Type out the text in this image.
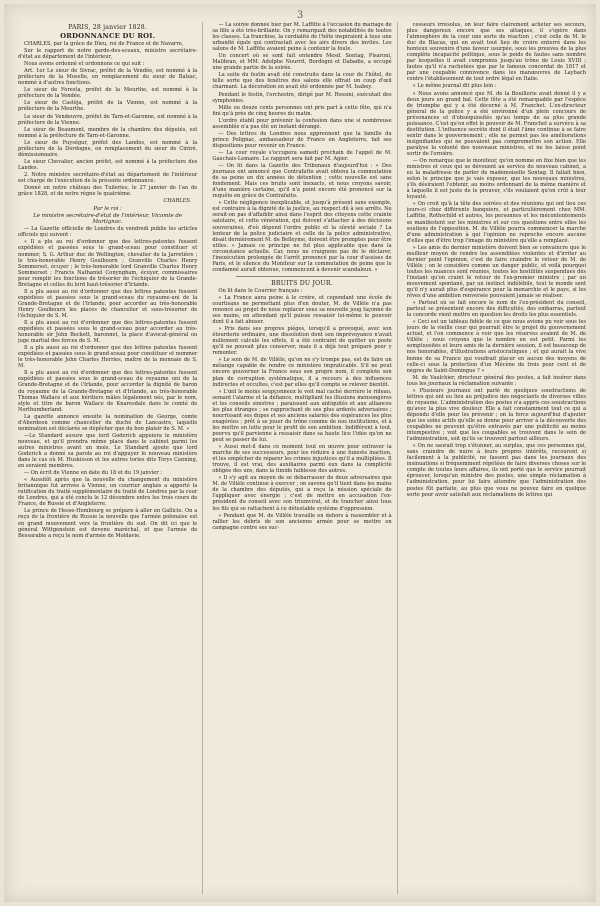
3
PARIS, 28 janvier 1828.
ORDONNANCE DU ROI.

CHARLES, par la grâce de Dieu, roi de France et de Navarre,

Sur le rapport de notre garde-des-sceaux, ministre secrétaire-d'état au département de l'intérieur,

Nous avons ordonné et ordonnons ce qui suit :

Art. 1er Le sieur de Sivrac, préfet de la Vendée, est nommé à la préfecture de la Moselle, en remplacement du sieur de Balzac, nommé à d'autres fonctions.

Le sieur de Foresta, préfet de la Meurthe, est nommé à la préfecture de la Vendée.

Le sieur de Castéja, préfet de la Vienne, est nommé à la préfecture de la Meurthe.

Le sieur de Vendeuvre, préfet de Tarn-et-Garonne, est nommé à la préfecture de la Vienne.

Le sieur de Beaumont, membre de la chambre des députés, est nommé à la préfecture de Tarn-et-Garonne.

Le sieur de Puységur, préfet des Landes, est nommé à la préfecture de la Dordogne, en remplacement du sieur de Cintré, démissionnaire.

Le sieur Chevalier, ancien préfet, est nommé à la préfecture des Landes.

2. Notre ministre secrétaire-d'état au département de l'intérieur est chargé de l'exécution de la présente ordonnance.

Donné en notre château des Tuileries, le 27 janvier de l'an de grâce 1828, et de notre règne le quatrième.

CHARLES.
Par le roi :
Le ministre secrétaire-d'état de l'intérieur, Vicomte de Martignac.

— La Gazette officielle de Londres du vendredi publie les articles officiels qui suivent :

« Il a plu au roi d'ordonner que des lettres-patentes fussent expédiées et passées sous le grand-sceau pour constituer et nommer, S. G. Arthur duc de Wellington, chevalier de la Jarretière ; le très-honorable Henry Goulbourn ; Granville Charles Henry Sommerset, écuyer ; le très-honorable lord Granville Charles Henry Sommerset ; Francis Nathaniel Conyngham, écuyer, commissaires pour remplir les fonctions de trésorier de l'échiquier de la Grande-Bretagne et celles du lord haut-trésorier d'Irlande.

Il a plu aussi au roi d'ordonner que des lettres patentes fussent expédiées et passées sous le grand-sceau du royaume-uni de la Grande-Bretagne et de l'Irlande, pour accorder au très-honorable Henry Goulbourn les places de chancelier et sous-trésorier de l'échiquier de S. M.

Il a plu aussi au roi d'ordonner que des lettres-patentes fussent expédiées et passées sous le grand-sceau pour accorder au très-honorable sir John Beckett, baronnet, la place d'avocat-général ou juge martial des forces de S. M.

Il a plu aussi au roi d'ordonner que des lettres patentes fussent expédiées et passées sous le grand-sceau pour constituer et nommer le très-honorable John Charles Herries, maître de la monnaie de S. M.

Il a plu aussi au roi d'ordonner que des lettres-patentes fussent expédiées et passées sous le grand-sceau du royaume uni de la Grande-Bretagne et de l'Irlande, pour accorder la dignité de baron du royaume de la Grande-Bretagne et d'Irlande, au très-honorable Thomas Wallace et aux héritiers mâles légalement nés, par le nom, style et titre de baron Wallace de Knaresdale dans le comté de Northumberland.

La gazette annonce ensuite la nomination de George, comte d'Aberdeen comme chancelier du duché de Lancastre, laquelle nomination est déclarée se dépêcher que du bon plaisir de S. M. »

—Le Standard assure que lord Goderich appuiera le ministère nouveau, et qu'il prendra même place dans le cabinet parmi les autres ministres avant un mois. Le Standard ajoute que lord Goderich a donné sa parole au roi d'appuyer le nouveau ministère dans le cas où M. Huskisson et les autres tories dits Torys Canning, en seraient membres.

— On écrit de Vienne en date du 18 et du 19 janvier :

« Aussitôt après que la nouvelle du changement du ministère britannique fut arrivée à Vienne, un courrier anglais a apporté la ratification du traité supplémentaire du traité de Londres par la cour de Londres, qui a été conclu le 12 décembre entre les trois cours de France, de Russie et d'Angleterre.

Le prince de Hesse-Hombourg se prépare à aller en Gallicie. On a reçu de la frontière de Russie la nouvelle que l'armée polonaise est en grand mouvement vers la frontière du sud. On dit ici que le général Wittgenstein est devenu maréchal, et que l'armée de Bessarabie a reçu le nom d'armée de Moldavie.

— La soirée donnée hier par M. Laffitte à l'occasion du mariage de sa fille a été très-brillante. On y remarquait des notabilités de toutes les classes. La franchise, la cordialité de l'hôte inspiraient à tous une urbanité égale qui contrastait avec les airs divers des invités. Les salons de M. Laffitte avaient peine à contenir la foule.

Un concert où se sont fait entendre Mesd. Sontag, Pisaroni, Malibran, et MM. Adolphe Nourrit, Bordogni et Dabadie, a occupé une grande partie de la soirée.

La suite du festin avait été construite dans la cour de l'hôtel, de telle sorte que des fenêtres des salons elle offrait un coup d'œil charmant. La décoration en avait été ordonnée par M. Isabey.

Pendant le festin, l'orchestre, dirigé par M. Rossini, exécutait des symphonies.

Mille ou douze cents personnes ont pris part à cette fête, qui n'a fini qu'à près de cinq heures du matin.

L'ordre établi pour prévenir la confusion dans une si nombreuse assemblée n'a pas été un instant dérangé.

— Des lettres de Londres nous apprennent que la famille du prince Polignac, ambassadeur de France en Angleterre, fait ses dispositions pour revenir en France.

— La cour royale s'occupera samedi prochain de l'appel de M. Gauchais-Lemaire. Le rapport sera fait par M. Agier.

— On lit dans la Gazette des Tribunaux d'aujourd'hui : « Des journaux ont annoncé que Contrafatto avait obtenu la commutation de sa peine en dix années de détention ; cette nouvelle est sans fondement. Mais ces bruits sont inexacts, et nous croyons savoir, d'une manière certaine, qu'il n'a point encore été prononcé sur la requête en grâce de Contrafatto.

« Cette négligence inexplicable, et jusqu'à présent sans exemple, est contraire à la dignité de la justice, au respect dû à ses arrêts. Ne serait-on pas d'affaiblir ainsi dans l'esprit des citoyens cette crainte salutaire, et cette vénération, qui doivent s'attacher à des décisions souveraines, d'où dépend l'ordre public et la sûreté sociale ? La lenteur de la police judiciaire et celle de la police administrative, disait dernièrement M. de Belleyme, doivent être promptes pour être utiles. » Jamais ce principe ne fut plus applicable que dans la circonstance actuelle. Car, nous ne craignons pas de le déclarer, l'inexécution prolongée de l'arrêt prononcé par la cour d'assises de Paris, et le silence du Moniteur sur la commutation de peine que le condamné aurait obtenue, commencent à devenir scandaleux. »

BRUITS DU JOUR.

On lit dans le Courrier français :

« La France aura peine à le croire, et cependant une école de courtisans ne permettant plus d'en douter, M. de Villèle n'a pas renoncé au projet de nous replacer sous sa nouvelle joug façonné de ses mains, en attendant qu'il puisse ressaisir lui-même le pouvoir dont il a fait abuser.

» Pris dans ses propres piéges, lorsqu'il a provoqué, avec son étourderie ordinaire, une dissolution dont son imprévoyance n'avait nullement calculé les effets, il a été contraint de quitter un poste qu'il ne pouvait plus conserver, mais il a déjà tout préparé pour y remonter.

» Le soin de M. de Villèle, qu'on ne s'y trompe pas, est de faire un mélange capable de rendre ce ministère impraticable. S'il ne peut encore gouverner la France sous son propre nom, il complote son plan de corruption systématique, il a recours à des influences indirectes et occultes, c'est par elles qu'il compte se relever bientôt.

» L'œil le moins soupçonneux le voit mal caché derrière le rideau, semant l'alarme et la défiance, multipliant les illusions mensongères et les conseils sinistres ; paraissant aux antiquités et aux alliances les plus étranges ; se rapprochant de ses plus ardents adversaires ; nourrissant ses dupes et ses anciens salariés des espérances les plus exagérées ; prêt à se jouer du trône comme de nos institutions, et à les mettre en lutte pour le profit de son ambition. Indifférent à tout, pourvu qu'il parvienne à ressaisir dans sa haute lice l'idée qu'on ne peut se passer de lui.

» Aussi met-il dans ce moment tout en œuvre pour entraver la marche de ses successeurs, pour les réduire à une funeste inaction, et les empêcher de réparer les crimes injustices qu'il a multipliées. Il trouve, il est vrai, des auxiliaires parmi eux dans la complicité obligée des uns, dans la timide faiblesse des autres.

» Il s'y agit au moyen de se débarrasser de deux adversaires que M. de Villèle continue à exercer ; on savons qu'il tient dans les mains de la chambre des députés, qui a reçu la mission spéciale de l'appliquer avec énergie ; c'est de mettre en accusation l'ex-président du conseil avec son triumvirat, et de trancher ainsi tous les fils qui se rattachent à ce détestable système d'oppression.

» Pendant que M. de Villèle travaille en dehors à rassembler et à rallier les débris de son ancienne armée pour se mettre en campagne contre ses suc-

cesseurs irrésolus, on leur faire clairement acheter ses secours, plus dangereux encore que ses attaques, il s'opère dans l'atmosphère de la cour une sorte de réaction ; c'est celle de M. le duc de Blacas, qui en avait tout lieu de croire enterré dans les honteux souvenirs d'une faveur usurpée, sous les preuves de la plus complète incapacité politique, sous le poids de fautes sans nombre par lesquelles il avait compromis jusqu'au trône de Louis XVIII ; fautes qu'il n'a rachetées que par le fameux concordat de 1817 et par une coupable connivence dans les manœuvres de Laybach contre l'établissement de tout ordre légal en Italie.

» Le même journal dit plus loin :

« Nous avons annoncé que M. de la Bouillerie avait donné il y a deux jours un grand bal. Cette fête a été remarquable par l'espèce de triomphe qui y a été décerné à M. Franchet. L'ex-directeur général de la police y a été environné d'un plein concours de prévenances et d'obséquiosités qu'au temps de sa plus grande puissance. C'est qu'on effet le pouvoir de M. Franchet a survécu à sa destitution. L'influence secrète dont il était l'âme continue à se faire sentir dans le gouvernement ; elle ne permet pas les améliorations insignifiantes qui ne pouvaient pas compromettre son action. Elle paralyse la volonté des nouveaux ministres, et ne les laisse point sortir de l'ornière.

— On remarque que le moniteur, qu'on nomme en fixe bien que les ministres et ceux qui se dévouent au service du nouveau cabinet, a eu la maladresse de parler de mademoiselle Sontag. Il fallait bien, selon le principe que je vais exposer, que les nouveaux ministres, s'ils désiraient l'obtenir, au moins ordonnant de la même manière et à laquelle il est juste de le prouver, s'ils voulaient qu'on crût à leur loyauté.

» On croit qu'à la tête des soirées et des réunions qui ont lieu ces jours-ci chez différents banquiers, et particulièrement chez MM. Laffitte, Rothschild et autres, les personnes et les mécontentements se manifestent sur les ministres et sur ces questions entre elles les soutiens de l'opposition. M. de Villèle pourra commencer la marche d'une administration à qui l'opinion ne reproche encore aucune d'elles que d'être trop l'image du ministère qu'elle a remplacé.

» Les amis du dernier ministère doivent bien se convaincre que le meilleur moyen de rendre les assemblées violentes et d'irriter au dernier point l'opinion, c'est de faire craindre le retour de M. de Villèle ; on le considère comme un danger public, et voilà pourquoi toutes les nuances sont réunies, toutes les hostilités suspendues dès l'instant qu'on craint le retour de l'ex-premier ministre ; par un mouvement spontané, par un instinct indélébile, tout le monde sent qu'il n'y aurait plus d'espérance pour la monarchie et le pays, si les rêves d'une ambition renversée pouvaient jamais se réaliser.

» Partout où se fait encore le nom de l'ex-président du conseil, partout se présentent encore des difficultés, des embarras, partout la concorde vient mettre en question les droits les plus essentiels.

» Ceci est un tableau fidèle de ce que nous avions pu voir sous les jours de la vieille cour qui pourrait être le projet du gouvernement actuel, et l'on commence à voir que les réserves avaient de M. de Villèle ; nous croyons que le nombre en est petit. Parmi les somptuosités et leurs amis de la dernière session, il est beaucoup de nos honorables, d'illustrations aristocratiques ; et qui aurait la vive bonne de sa France qui voudrait placer en aucun des moyens de celle-ci sous la protection d'un Mécène de trois pour cent et de nègres de Saint-Domingue ? »

M. de Vaulchier, directeur général des postes, a fait insérer dans tous les journaux la réclamation suivante :

« Plusieurs journaux ont parlé de quelques soustractions de lettres qui ont eu lieu au préjudice des négociants de diverses villes du royaume. L'administration des postes n'a appris ces soustractions qu'avec la plus vive douleur. Elle a fait constamment tout ce qui a dépendu d'elle pour les prévenir ; on la force aujourd'hui d'ajouter que les soins actifs qu'elle se donne pour arriver à la découverte des coupables ne peuvent qu'être entravés par une publicité au moins intempestive ; voit que les coupables se trouvent dans le sein de l'administration, soit qu'ils se trouvent partout ailleurs.

» On ne saurait trop s'étonner, au surplus, que ces personnes qui, sans craindre de nuire à leurs propres intérêts, recourent si facilement à la publicité, ne fassent pas dans les journaux des insinuations si fréquemment répétées de faire diverses choses sur le compte de toutes leurs affaires, ils ont porté que le service pourrait éprouver, lorsqu'un ministre des postes, une simple réclamation à l'administration, pour lui faire attendre que l'administration des postes fût parfaite, au plus que vous ne pouvez faire en quelque sorte pour avoir satisfait aux réclamations de lettres qui
